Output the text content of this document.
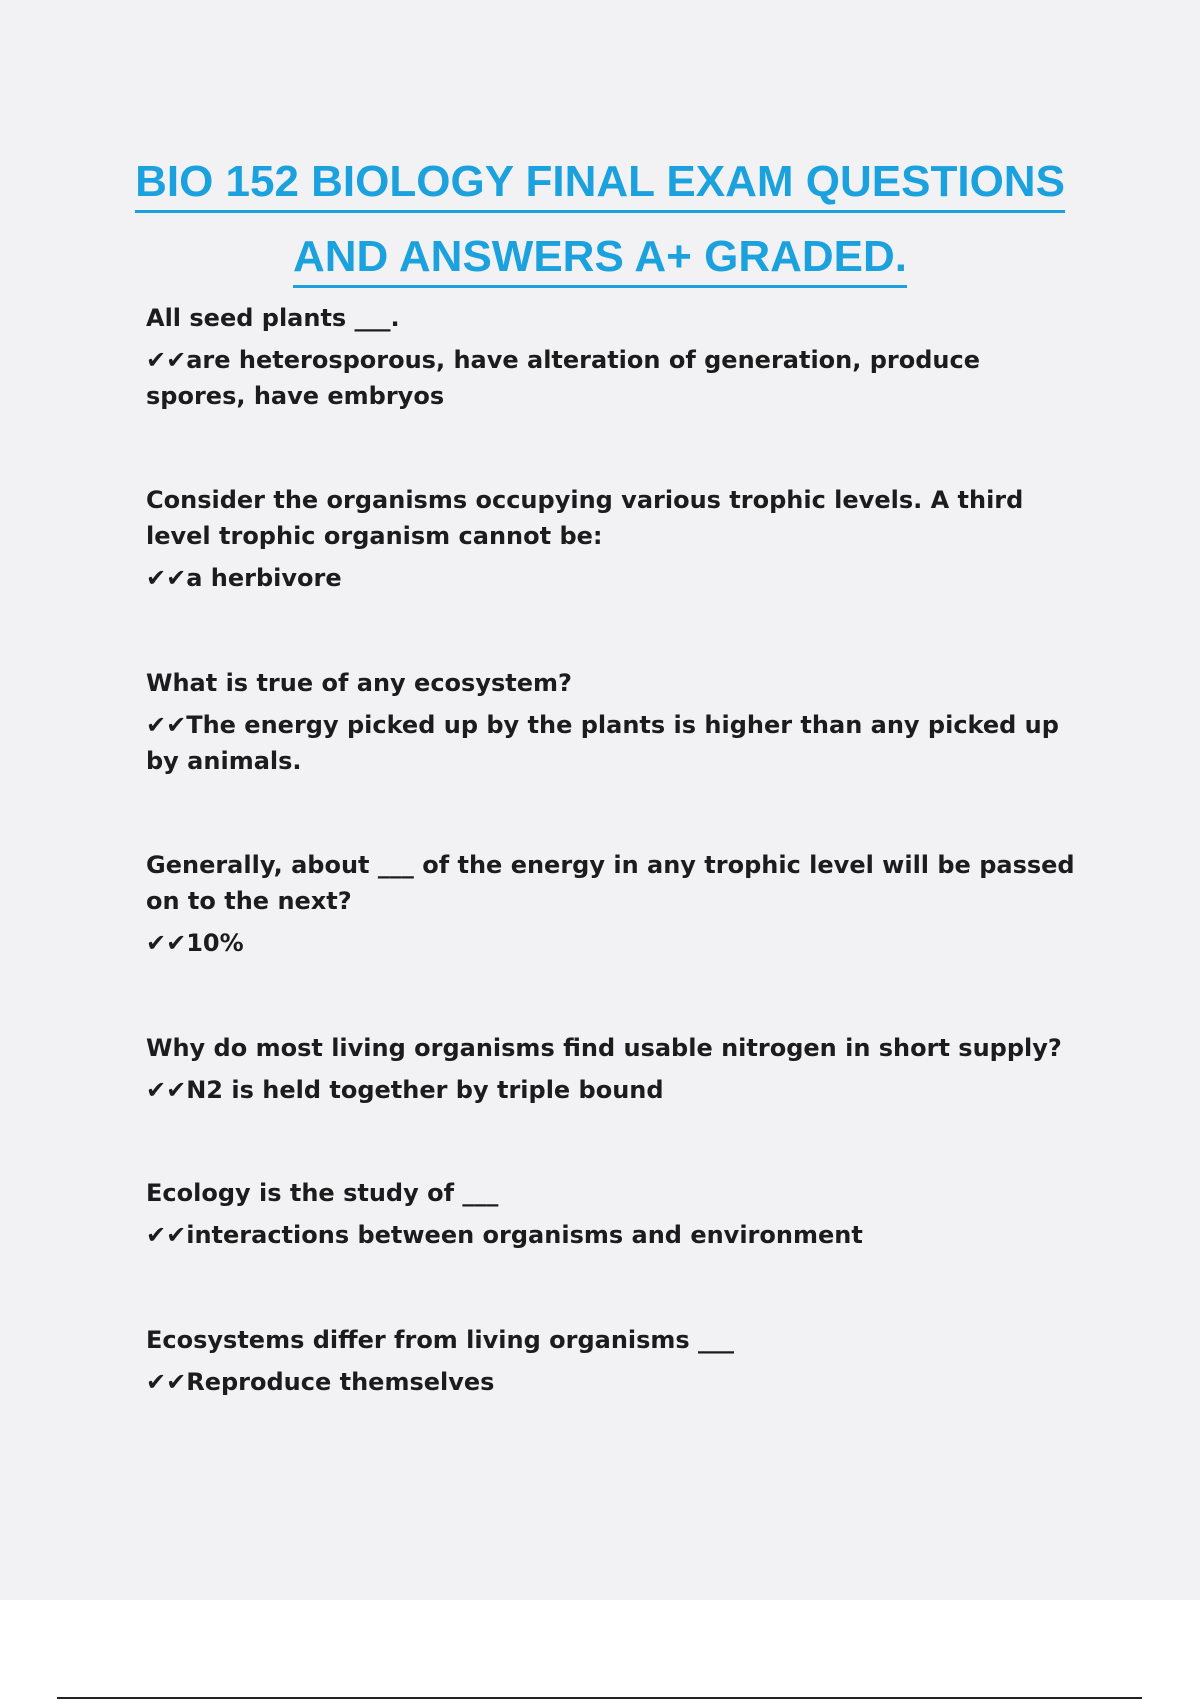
BIO 152 BIOLOGY FINAL EXAM QUESTIONS
AND ANSWERS A+ GRADED.

All seed plants ___.

✔✔are heterosporous, have alteration of generation, produce spores, have embryos

Consider the organisms occupying various trophic levels. A third level trophic organism cannot be:

✔✔a herbivore

What is true of any ecosystem?

✔✔The energy picked up by the plants is higher than any picked up by animals.

Generally, about ___ of the energy in any trophic level will be passed on to the next?

✔✔10%

Why do most living organisms find usable nitrogen in short supply?

✔✔N2 is held together by triple bound

Ecology is the study of ___

✔✔interactions between organisms and environment

Ecosystems differ from living organisms ___

✔✔Reproduce themselves
